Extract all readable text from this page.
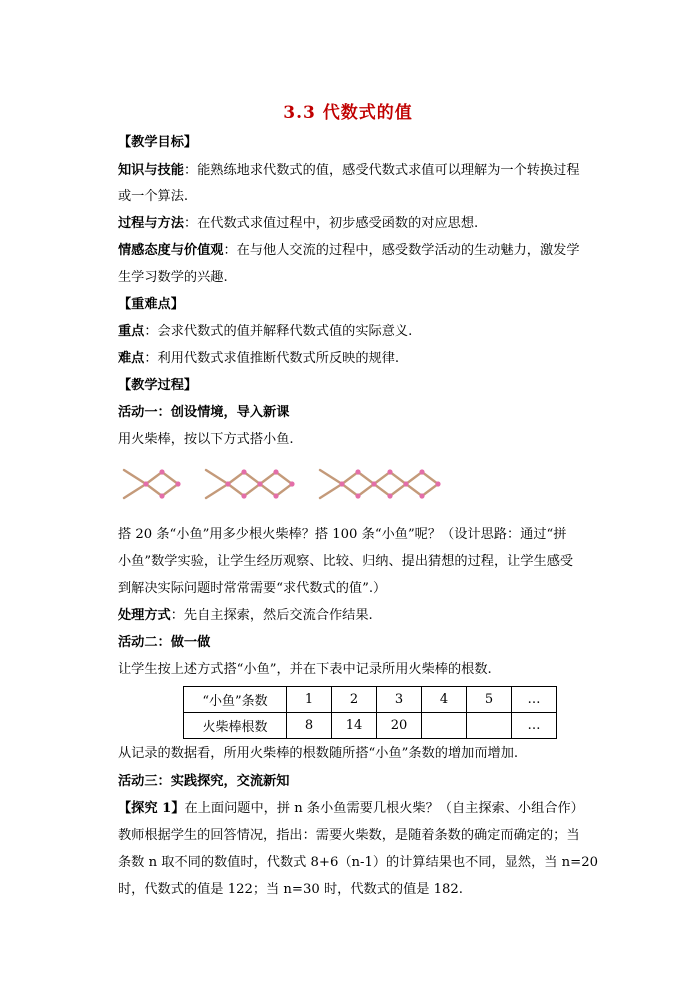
3.3 代数式的值
【教学目标】
知识与技能：能熟练地求代数式的值，感受代数式求值可以理解为一个转换过程
或一个算法.
过程与方法：在代数式求值过程中，初步感受函数的对应思想.
情感态度与价值观：在与他人交流的过程中，感受数学活动的生动魅力，激发学
生学习数学的兴趣.
【重难点】
重点：会求代数式的值并解释代数式值的实际意义.
难点：利用代数式求值推断代数式所反映的规律.
【教学过程】
活动一：创设情境，导入新课
用火柴棒，按以下方式搭小鱼.
搭 20 条“小鱼”用多少根火柴棒？搭 100 条“小鱼”呢？（设计思路：通过“拼
小鱼”数学实验，让学生经历观察、比较、归纳、提出猜想的过程，让学生感受
到解决实际问题时常常需要“求代数式的值”.）
处理方式：先自主探索，然后交流合作结果.
活动二：做一做
让学生按上述方式搭“小鱼”，并在下表中记录所用火柴棒的根数.
“小鱼”条数	1	2	3	4	5	…
火柴棒根数	8	14	20			…
从记录的数据看，所用火柴棒的根数随所搭“小鱼”条数的增加而增加.
活动三：实践探究，交流新知
【探究 1】在上面问题中，拼 n 条小鱼需要几根火柴？（自主探索、小组合作）
教师根据学生的回答情况，指出：需要火柴数，是随着条数的确定而确定的；当
条数 n 取不同的数值时，代数式 8+6（n-1）的计算结果也不同，显然，当 n=20
时，代数式的值是 122；当 n=30 时，代数式的值是 182.
